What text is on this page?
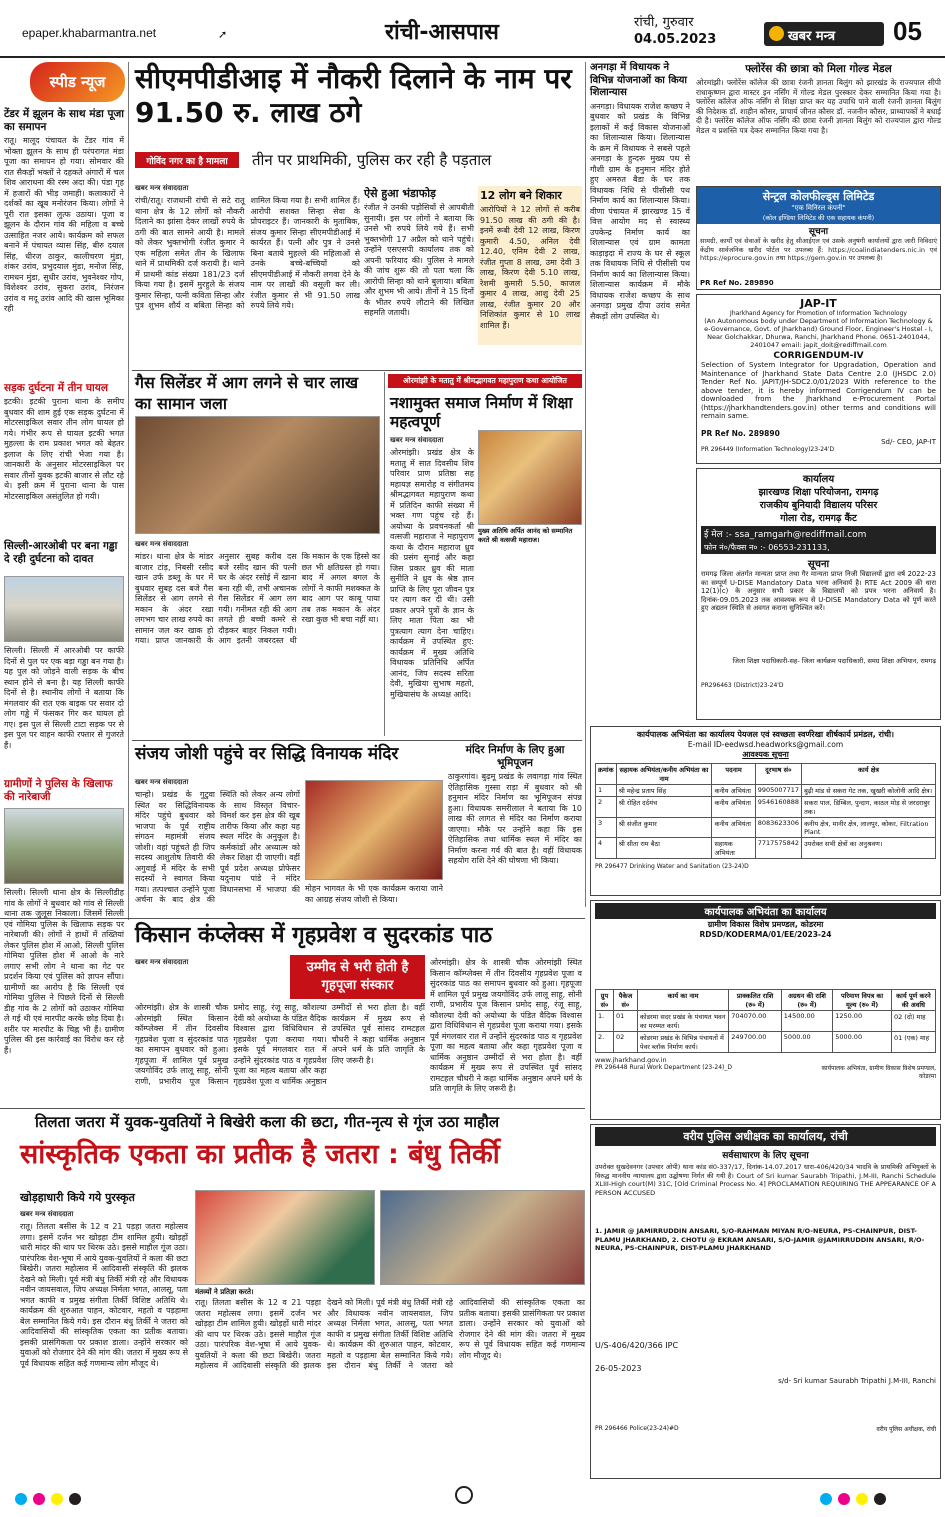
epaper.khabarmantra.net	➚	रांची-आसपास	रांची, गुरुवार
04.05.2023	खबर मन्त्र	05
स्पीड न्यूज
टेंडर में झूलन के साथ मंडा पूजा का समापन
रातू। मालूद पंचायत के टेंडर गांव में भोक्ता झूलन के साथ ही परंपरागत मंडा पूजा का समापन हो गया। सोमवार की रात सैकड़ों भक्तों ने दहकते अंगारों में चल शिव आराधना की रस्म अदा की। पंडा गृह में हजारों की भीड़ जमाही। कलाकारों ने दर्शकों का खूब मनोरंजन किया। लोगों ने पूरी रात इसका लुत्फ उठाया। पूजा व झूलन के दौरान गांव की महिला व बच्चे उत्साहित नजर आये। कार्यक्रम को सफल बनाने में पंचायत व्यास सिंह, बीरु दयाल सिंह, धीरज ठाकुर, कालीचरण मुंडा, शंकर उरांव, प्रभुदयाल मुंडा, मनोज सिंह, रामधन मुंडा, सुधीर उरांव, भुवनेश्वर गोप, विशेश्वर उरांव, सुकरा उरांव, निरंजन उरांव व मदू उरांव आदि की खास भूमिका रही
सड़क दुर्घटना में तीन घायल
इटकी। इटकी पुराना थाना के समीप बुधवार की शाम हुई एक सड़क दुर्घटना में मोटरसाइकिल सवार तीन लोग घायल हो गये। गंभीर रूप से घायल इटकी भगत मुहल्ला के राम प्रकाश भगत को बेहतर इलाज के लिए रांची भेजा गया है। जानकारी के अनुसार मोटरसाइकिल पर सवार तीनों युवक इटकी बाजार से लौट रहे थे। इसी क्रम में पुराना थाना के पास मोटरसाइकिल असंतुलित हो गयी।
सिल्ली-आरओबी पर बना गड्ढा दे रही दुर्घटना को दावत
सिल्ली। सिल्ली में आरओबी पर काफी दिनों से पुल पर एक बड़ा गड्ढा बन गया है। यह पुल को जोड़ने वाली सड़क के बीच स्थान होने से बना है। यह सिल्ली काफी दिनों से है। स्थानीय लोगों ने बताया कि मंगलवार की रात एक बाइक पर सवार दो लोग गड्ढे में फंसकर गिर कर घायल हो गए। इस पुल से सिल्ली टाटा सड़क पर से इस पुल पर वाहन काफी रफ्तार से गुजरते हैं।
ग्रामीणों ने पुलिस के खिलाफ की नारेबाजी
सिल्ली। सिल्ली थाना क्षेत्र के सिल्लीडीह गांव के लोगों ने बुधवार को गांव से सिल्ली थाना तक जुलूस निकाला। जिसमें सिल्ली एवं गोमिया पुलिस के खिलाफ सड़क पर नारेबाजी की। लोगों ने हाथों में तख्तियां लेकर पुलिस होश में आओ, सिल्ली पुलिस गोमिया पुलिस होश में आओ के नारे लगाए सभी लोग ने थाना का गेट पर प्रदर्शन किया एवं पुलिस को ज्ञापन सौंपा। ग्रामीणों का आरोप है कि सिल्ली एवं गोमिया पुलिस ने पिछले दिनों से सिल्ली डीह गांव के 2 लोगों को उठाकर गोमिया ले गई थी एवं मारपीट करके छोड़ दिया है। शरीर पर मारपीट के चिह्न भी हैं। ग्रामीण पुलिस की इस कार्रवाई का विरोध कर रहे हैं।
सीएमपीडीआइ में नौकरी दिलाने के नाम पर 91.50 रु. लाख ठगे
गोविंद नगर का है मामला	तीन पर प्राथमिकी, पुलिस कर रही है पड़ताल
खबर मन्त्र संवाददाता
रांची/रातू। राजधानी रांची से सटे रातू थाना क्षेत्र के 12 लोगों को नौकरी दिलाने का झांसा देकर लाखों रुपये के ठगी की बात सामने आयी है। मामले को लेकर भुक्तभोगी रंजीत कुमार ने एक महिला समेत तीन के खिलाफ थाने में प्राथमिकी दर्ज करायी है। थाने में प्राथमी कांड संख्या 181/23 दर्ज किया गया है। इसमें मुरहुले के संजय कुमार सिन्हा, पत्नी कविता सिन्हा और पुत्र शुभम शौर्य व बबिता सिन्हा को शामिल किया गया है। सभी शामिल हैं। आरोपी सशक्त सिन्हा सेवा के प्रोपराइटर हैं। जानकारी के मुताबिक, संजय कुमार सिन्हा सीएमपीडीआई में कार्यरत हैं। पत्नी और पुत्र ने उनसे बिना बताये मुहल्ले की महिलाओं से उनके बच्चे-बच्चियों को सीएमपीडीआई में नौकरी लगवा देने के नाम पर लाखों की वसूली कर ली। रंजीत कुमार से भी 91.50 लाख रुपये लिये गये।
ऐसे हुआ भंडाफोड़
रंजीत ने उनकी पड़ोसियों से आपबीती सुनायी। इस पर लोगों ने बताया कि उनसे भी रुपये लिये गये हैं। सभी भुक्तभोगी 17 अप्रैल को थाने पहुंचे। उन्होंने एसएसपी कार्यालय तक को अपनी फरियाद की। पुलिस ने मामले की जांच शुरू की तो पता चला कि आरोपी सिन्हा को थाने बुलाया। बबिता और शुभम भी आये। तीनों ने 15 दिनों के भीतर रुपये लौटाने की लिखित सहमति जतायी।
12 लोग बने शिकार
आरोपियों ने 12 लोगों से करीब 91.50 लाख की ठगी की है। इनमें रूबी देवी 12 लाख, किरण कुमारी 4.50, अनिल देवी 12.40, एनिम देवी 2 लाख, रंजीत गुप्ता 8 लाख, उमा देवी 3 लाख, किरण देवी 5.10 लाख, रेशमी कुमारी 5.50, काजल कुमार 4 लाख, आशु देवी 25 लाख, रंजीत कुमार 20 और निशिकांत कुमार से 10 लाख शामिल हैं।
गैस सिलेंडर में आग लगने से चार लाख का सामान जला
खबर मन्त्र संवाददाता
मांडर। थाना क्षेत्र के मांडर बाजार टांड़, निबसी रसीद खान उर्फ डब्लू के घर में बुधवार सुबह दस बजे गैस सिलेंडर से आग लगने से मकान के अंदर रखा लगभग चार लाख रुपये का सामान जल कर खाक हो गया। प्राप्त जानकारी के अनुसार सुबह करीब दस बजे रसीद खान की पत्नी घर के अंदर रसोई में खाना बना रही थी, तभी अचानक गैस सिलेंडर में आग लग गयी। गनीमत रही की आग लगते ही बच्ची कमरे से दौड़कर बाहर निकल गयी। आग इतनी जबरदस्त थी कि मकान के एक हिस्से का छत भी क्षतिग्रस्त हो गया। बाद में अगल बगल के लोगों ने काफी मशक्कत के बाद आग पर काबू पाया तब तक मकान के अंदर रखा कुछ भी बचा नहीं था।
ओरमांझी के मतातु में श्रीमद्भागवत महापुराण कथा आयोजित
नशामुक्त समाज निर्माण में शिक्षा महत्वपूर्ण
खबर मन्त्र संवाददाता
मुख्य अतिथि अर्पित आनंद को सम्मानित करते श्री वत्सजी महाराज।
ओरमांझी। प्रखंड क्षेत्र के मतातु में सात दिवसीय शिव परिवार प्राण प्रतिष्ठा सह महायज्ञ समारोह व संगीतमय श्रीमद्भागवत महापुराण कथा में प्रतिदिन काफी संख्या में भक्त गण पहुंच रहे हैं। अयोध्या के प्रवचनकर्ता श्री वत्सजी महाराज ने महापुराण कथा के दौरान महाराज ध्रुव की प्रसंग सुनाई और कहा जिस प्रकार ध्रुव की माता सुनीति ने ध्रुव के श्रेष्ठ ज्ञान प्राप्ति के लिए पूरा जीवन पुत्र पर त्याग कर दी थी। उसी प्रकार अपने पुत्रों के ज्ञान के लिए माता पिता का भी पुत्रत्याग त्याग देना चाहिए। कार्यक्रम में उपस्थित हुए: कार्यक्रम में मुख्य अतिथि विधायक प्रतिनिधि अर्पित आनंद, जिप सदस्य सरिता देवी, मुखिया सुभाष महतो, मुखियासंघ के अध्यक्ष आदि।
अनगड़ा में विधायक ने विभिन्न योजनाओं का किया शिलान्यास
अनगड़ा। विधायक राजेश कच्छप ने बुधवार को प्रखंड के विभिन्न इलाकों में कई विकास योजनाओं का शिलान्यास किया। शिलान्यास के क्रम में विधायक ने सबसे पहले अनगड़ा के हुन्दरू मुख्य पथ से गौशी ग्राम के हनुमान मंदिर होते हुए अमरुत बैडा के घर तक विधायक निधि से पीसीसी पथ निर्माण कार्य का शिलान्यास किया। वीणा पंचायत में झारखण्ड 15 वें वित्त आयोग मद से स्वास्थ्य उपकेन्द्र निर्माण कार्य का शिलान्यास एवं ग्राम कामता काड़ाइदा में राज्य के घर से स्कूल तक विधायक निधि से पीसीसी पथ निर्माण कार्य का शिलान्यास किया। शिलान्यास कार्यक्रम में मौके विधायक राजेश कच्छप के साथ अनगड़ा प्रमुख दीपा उरांव समेत सैकड़ों लोग उपस्थित थे।
संजय जोशी पहुंचे वर सिद्धि विनायक मंदिर
खबर मन्त्र संवाददाता
चान्हो। प्रखंड के गुटुवा स्थित वर सिद्धिविनायक मंदिर पहुंचे बुधवार को भाजपा के पूर्व राष्ट्रीय संगठन महामंत्री संजय जोशी। वहां पहुंचते ही जिप सदस्य आशुतोष तिवारी की अगुवाई में मंदिर के सभी सदस्यों ने स्वागत किया गया। तत्पश्चात उन्होंने पूजा अर्चना के बाद क्षेत्र की स्थिति को लेकर अन्य लोगों के साथ विस्तृत विचार-विमर्श कर इस क्षेत्र की खूब तारीफ किया और कहा यह स्थल मंदिर के अनुकूल है। कर्मकांडों और अध्यात्म को लेकर शिक्षा दी जाएगी। वहीं पूर्व प्रदेश अध्यक्ष प्रोफेसर यदुनाथ पांडे ने मंदिर विधानसभा में भाजपा की मोहन भागवत के भी एक कार्यक्रम कराया जाने का आग्रह संजय जोशी से किया।
मंदिर निर्माण के लिए हुआ भूमिपूजन
ठाकुरगांव। बुढ़मू प्रखंड के लवागड़ा गांव स्थित ऐतिहासिक गुस्सा राड़ा में बुधवार को श्री हनुमान मंदिर निर्माण का भूमिपूजन संपन्न हुआ। विधायक समरीलाल ने बताया कि 10 लाख की लागत से मंदिर का निर्माण कराया जाएगा। मौके पर उन्होंने कहा कि इस ऐतिहासिक तथा धार्मिक स्थल में मंदिर का निर्माण करना गर्व की बात है। वहीं विधायक सहयोग राशि देने की घोषणा भी किया।
किसान कंप्लेक्स में गृहप्रवेश व सुदरकांड पाठ
उम्मीद से भरी होती है गृहपूजा संस्कार
खबर मन्त्र संवाददाता
ओरमांझी। क्षेत्र के शास्त्री चौक ओरमांझी स्थित किसान कॉम्प्लेक्स में तीन दिवसीय गृहप्रवेश पूजा व सुंदरकांड पाठ का समापन बुधवार को हुआ। गृहपूजा में शामिल पूर्व प्रमुख जयगोविंद उर्फ लालू साहू, सोनी राणी, प्रभारीय पूज किसान प्रमोद साहू, रंजू साहू, कौशल्या देवी को अयोध्या के पंडित वैदिक विश्वास द्वारा विधिविधान से गृहप्रवेश पूजा कराया गया। इसके पूर्व मंगलवार रात में उन्होंने सुंदरकांड पाठ व गृहप्रवेश पूजा का महत्व बताया और कहा गृहप्रवेश पूजा व धार्मिक अनुष्ठान उम्मीदों से भरा होता है। वहीं कार्यक्रम में मुख्य रूप से उपस्थित पूर्व सांसद रामटहल चौधरी ने कहा धार्मिक अनुष्ठान अपने धर्म के प्रति जागृति के लिए जरूरी है।
ओरमांझी। क्षेत्र के शास्त्री चौक ओरमांझी स्थित किसान कॉम्प्लेक्स में तीन दिवसीय गृहप्रवेश पूजा व सुंदरकांड पाठ का समापन बुधवार को हुआ। गृहपूजा में शामिल पूर्व प्रमुख जयगोविंद उर्फ लालू साहू, सोनी राणी, प्रभारीय पूज किसान प्रमोद साहू, रंजू साहू, कौशल्या देवी को अयोध्या के पंडित वैदिक विश्वास द्वारा विधिविधान से गृहप्रवेश पूजा कराया गया। इसके पूर्व मंगलवार रात में उन्होंने सुंदरकांड पाठ व गृहप्रवेश पूजा का महत्व बताया और कहा गृहप्रवेश पूजा व धार्मिक अनुष्ठान उम्मीदों से भरा होता है। वहीं कार्यक्रम में मुख्य रूप से उपस्थित पूर्व सांसद रामटहल चौधरी ने कहा धार्मिक अनुष्ठान अपने धर्म के प्रति जागृति के लिए जरूरी है।
तिलता जतरा में युवक-युवतियों ने बिखेरी कला की छटा, गीत-नृत्य से गूंज उठा माहौल
सांस्कृतिक एकता का प्रतीक है जतरा : बंधु तिर्की
खोड़हाधारी किये गये पुरस्कृत
खबर मन्त्र संवाददाता
रातू। तिलता बसीस के 12 व 21 पड़हा जतरा महोत्सव लगा। इसमें दर्जन भर खोड़हा टीम शामिल हुयी। खोड़हों धारी मांदर की थाप पर थिरक उठे। इससे माहौल गूंज उठा। पारंपरिक वेश-भूषा में आये युवक-युवतियों ने कला की छटा बिखेरी। जतरा महोत्सव में आदिवासी संस्कृति की झलक देखने को मिली। पूर्व मंत्री बंधु तिर्की मंत्री रहे और विधायक नवीन जायसवाल, जिप अध्यक्ष निर्मला भगत, आलसू, पता भगत काफी व प्रमुख संगीता तिर्की विशिष्ट अतिथि थे। कार्यक्रम की शुरुआत पाहन, कोटवार, महतो व पड़हामा बेल सम्मानित किये गये। इस दौरान बंधु तिर्की ने जतरा को आदिवासियों की सांस्कृतिक एकता का प्रतीक बताया। इसकी प्रासंगिकता पर प्रकाश डाला। उन्होंने सरकार को युवाओं को रोजगार देने की मांग की। जतरा में मुख्य रूप से पूर्व विधायक सहित कई गणमान्य लोग मौजूद थे।
मंतव्यों ने प्रतिज्ञा करते।
रातू। तिलता बसीस के 12 व 21 पड़हा जतरा महोत्सव लगा। इसमें दर्जन भर खोड़हा टीम शामिल हुयी। खोड़हों धारी मांदर की थाप पर थिरक उठे। इससे माहौल गूंज उठा। पारंपरिक वेश-भूषा में आये युवक-युवतियों ने कला की छटा बिखेरी। जतरा महोत्सव में आदिवासी संस्कृति की झलक देखने को मिली। पूर्व मंत्री बंधु तिर्की मंत्री रहे और विधायक नवीन जायसवाल, जिप अध्यक्ष निर्मला भगत, आलसू, पता भगत काफी व प्रमुख संगीता तिर्की विशिष्ट अतिथि थे। कार्यक्रम की शुरुआत पाहन, कोटवार, महतो व पड़हामा बेल सम्मानित किये गये। इस दौरान बंधु तिर्की ने जतरा को आदिवासियों की सांस्कृतिक एकता का प्रतीक बताया। इसकी प्रासंगिकता पर प्रकाश डाला। उन्होंने सरकार को युवाओं को रोजगार देने की मांग की। जतरा में मुख्य रूप से पूर्व विधायक सहित कई गणमान्य लोग मौजूद थे।
फ्लोरेंस की छात्रा को मिला गोल्ड मेडल
ओरमांझी। फ्लोरेंस कॉलेज की छात्रा रंजनी ज्ञानता बिलुंग को झारखंड के राज्यपाल सीपी राधाकृष्णन द्वारा मास्टर इन नर्सिंग में गोल्ड मेडल पुरस्कार देकर सम्मानित किया गया है। फ्लोरेंस कॉलेज ऑफ नर्सिंग से शिक्षा प्राप्त कर यह उपाधि पाने वाली रंजनी ज्ञानता बिलुंग की निदेशक डॉ. शाहीन कौसर, प्राचार्य जीनत कौसर डॉ. नजनीन कौसर, प्राध्यापकों ने बधाई दी है। फ्लोरेंस कॉलेज ऑफ नर्सिंग की छात्रा रंजनी ज्ञानता बिलुंग को राज्यपाल द्वारा गोल्ड मेडल व प्रशस्ति पत्र देकर सम्मानित किया गया है।
सेन्ट्रल कोलफील्ड्स लिमिटेड
"एक मिनिरल कंपनी"
(कोल इण्डिया लिमिटेड की एक सहायक कंपनी)
सूचना
सामग्री, कार्यों एवं सेवाओं के खरीद हेतु सीआईएल एवं उसके अनुषंगी कार्यालयों द्वारा जारी निविदाएं केंद्रीय सार्वजनिक खरीद पोर्टल पर उपलब्ध हैं: https://coalindiatenders.nic.in एवं https://eprocure.gov.in तथा https://gem.gov.in पर उपलब्ध है।
PR Ref No. 289890
JAP-IT
Jharkhand Agency for Promotion of Information Technology
(An Autonomous body under Department of Information Technology & e-Governance, Govt. of Jharkhand) Ground Floor, Engineer's Hostel - I, Near Golchakkar, Dhurwa, Ranchi, Jharkhand Phone. 0651-2401044, 2401047 email: japit_doit@rediffmail.com
CORRIGENDUM-IV
Selection of System Integrator for Upgradation, Operation and Maintenance of Jharkhand State Data Centre 2.0 (JHSDC 2.0) Tender Ref No. JAPIT/JH-SDC2.0/01/2023 With reference to the above tender, it is hereby informed Corrigendum IV can be downloaded from the Jharkhand e-Procurement Portal (https://jharkhandtenders.gov.in) other terms and conditions will remain same.
PR Ref No. 289890
Sd/- CEO, JAP-IT
PR 296449 (Information Technology)23-24'D
कार्यालय
झारखण्ड शिक्षा परियोजना, रामगढ़
राजकीय बुनियादी विद्यालय परिसर
गोला रोड, रामगढ़ कैंट
ई मेल :- ssa_ramgarh@rediffmail.com
फोन नं०/फैक्स न० :- 06553-231133,
सूचना
रामगढ़ जिला अंतर्गत मान्यता प्राप्त तथा गैर मान्यता प्राप्त निजी विद्यालयों द्वारा वर्ष 2022-23 का सम्पूर्ण U-DISE Mandatory Data भरना अनिवार्य है। RTE Act 2009 की धारा 12(1)(c) के अनुसार सभी प्रकार के विद्यालयों को प्रपत्र भरना अनिवार्य है। दिनांक-09.05.2023 तक आवश्यक रूप से U-DISE Mandatory Data को पूर्ण करते हुए अद्यतन स्थिति से अवगत कराना सुनिश्चित करें।
जिला शिक्षा पदाधिकारी-सह- जिला कार्यक्रम पदाधिकारी, समग्र शिक्षा अभियान, रामगढ़
PR296463 (District)23-24'D
कार्यपालक अभियंता का कार्यालय पेयजल एवं स्वच्छता स्वर्णरेखा शीर्षकार्य प्रमंडल, रांची।
E-mail ID-eedwsd.headworks@gmail.com
आवश्यक सूचना
क्रमांक	सहायक अभियंता/कनीय अभियंता का नाम	पदनाम	दूरभाष सं०	कार्य क्षेत्र
1	श्री महेन्द्र प्रताप सिंह	कनीय अभियंता	9905007717	बुढ़ी मांड से सकरा गेट तक, खुखरी कोलोनी आदि क्षेत्र।
2	श्री रोहित दर्दमंच	कनीय अभियंता	9546160888	सकरा पाल, डिम्बिल, पुन्दाग, काठल मोड़ से जरदराबुर तक।
3	श्री संजीत कुमार	कनीय अभियंता	8083623306	कनीय क्षेत्र, मानीर क्षेत्र, लालपुर, कोकर, Filtration Plant
4	श्री सीता राम बैठा	सहायक अभियंता	7717575842	उपरोक्त सभी क्षेत्रों का अनुश्रवण।
PR 296477 Drinking Water and Sanitation (23-24)D
कार्यपालक अभियंता का कार्यालय
ग्रामीण विकास विशेष प्रमण्डल, कोडरमा
RDSD/KODERMA/01/EE/2023-24
ग्रुप सं०	पैकेज सं०	कार्य का नाम	प्राक्कलित राशि (रु० में)	अग्रधन की राशि (रु० में)	परिमाण विपत्र का मूल्य (रु० में)	कार्य पूर्ण करने की अवधि
1.	01	कोडरमा सदर प्रखंड के पंचायत भवन का मरम्मत कार्य।	704070.00	14500.00	1250.00	02 (दो) माह
2.	02	कोडरमा प्रखंड के विभिन्न पंचायतों में पेवर ब्लॉक निर्माण कार्य।	249700.00	5000.00	5000.00	01 (एक) माह
www.jharkhand.gov.in
PR 296448 Rural Work Department (23-24)_D	कार्यपालक अभियंता, ग्रामीण विकास विशेष प्रमण्डल, कोडरमा
वरीय पुलिस अधीक्षक का कार्यालय, रांची
सर्वसाधारण के लिए सूचना
उपरोक्त सुखदेवनगर (उपचार ओपी) थाना कांड सं0-337/17, दिनांक-14.07.2017 धारा-406/420/34 भादवि के प्राथमिकी अभियुक्तों के विरुद्ध माननीय न्यायालय द्वारा उद्घोषणा निर्गत की गयी है। Court of Sri kumar Saurabh Tripathi, J.M-III, Ranchi Schedule XLIII-High court(M) 31C, [Old Criminal Process No. 4] PROCLAMATION REQUIRING THE APPEARANCE OF A PERSON ACCUSED
1. JAMIR @ JAMIRRUDDIN ANSARI, S/O-RAHMAN MIYAN R/O-NEURA, PS-CHAINPUR, DIST-PLAMU JHARKHAND, 2. CHOTU @ EKRAM ANSARI, S/O-JAMIR @JAMIRRUDDIN ANSARI, R/O-NEURA, PS-CHAINPUR, DIST-PLAMU JHARKHAND
U/S-406/420/366 IPC
26-05-2023
s/d- Sri kumar Saurabh Tripathi J.M-III, Ranchi
PR 296466 Police(23-24)#D	वरीय पुलिस अधीक्षक, रांची
